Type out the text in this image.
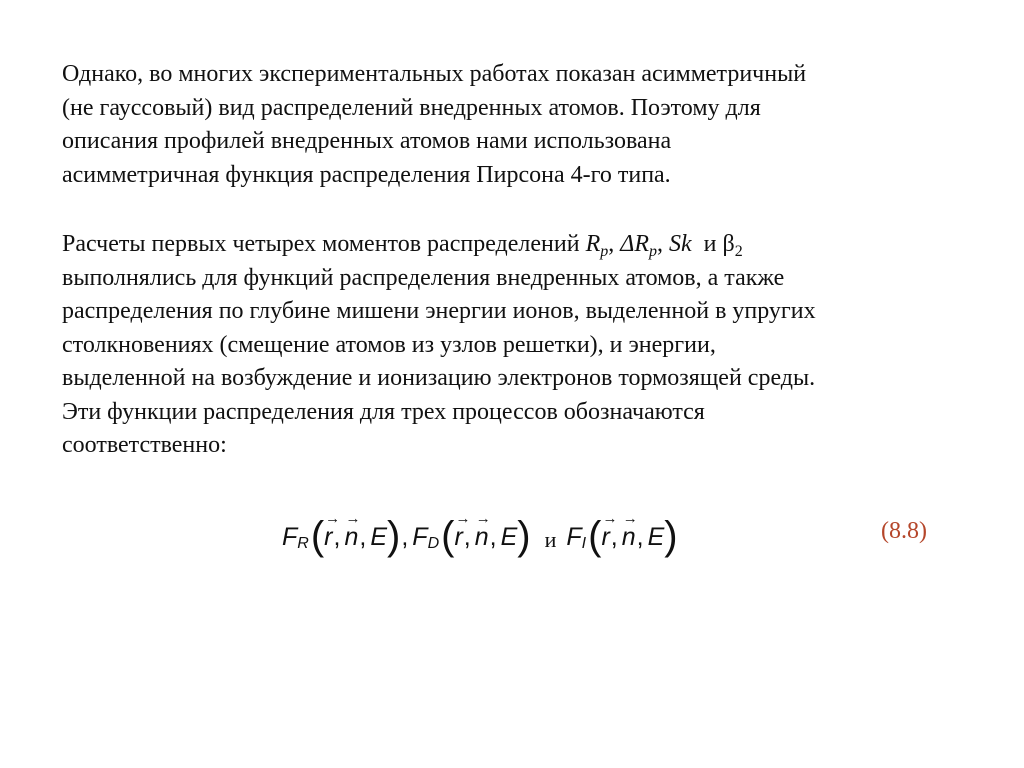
Однако, во многих экспериментальных работах показан асимметричный
(не гауссовый) вид распределений внедренных атомов. Поэтому для
описания профилей внедренных атомов нами использована
асимметричная функция распределения Пирсона 4-го типа.
Расчеты первых четырех моментов распределений $R_p$, $\Delta R_p$, Sk  и $\beta_2$
выполнялись для функций распределения внедренных атомов, а также
распределения по глубине мишени энергии ионов, выделенной в упругих
столкновениях (смещение атомов из узлов решетки), и энергии,
выделенной на возбуждение и ионизацию электронов тормозящей среды.
Эти функции распределения для трех процессов обозначаются
соответственно:
F R ( → r , → n , E ) , F D ( → r , → n , E ) и F I ( → r , → n , E )	(8.8)
